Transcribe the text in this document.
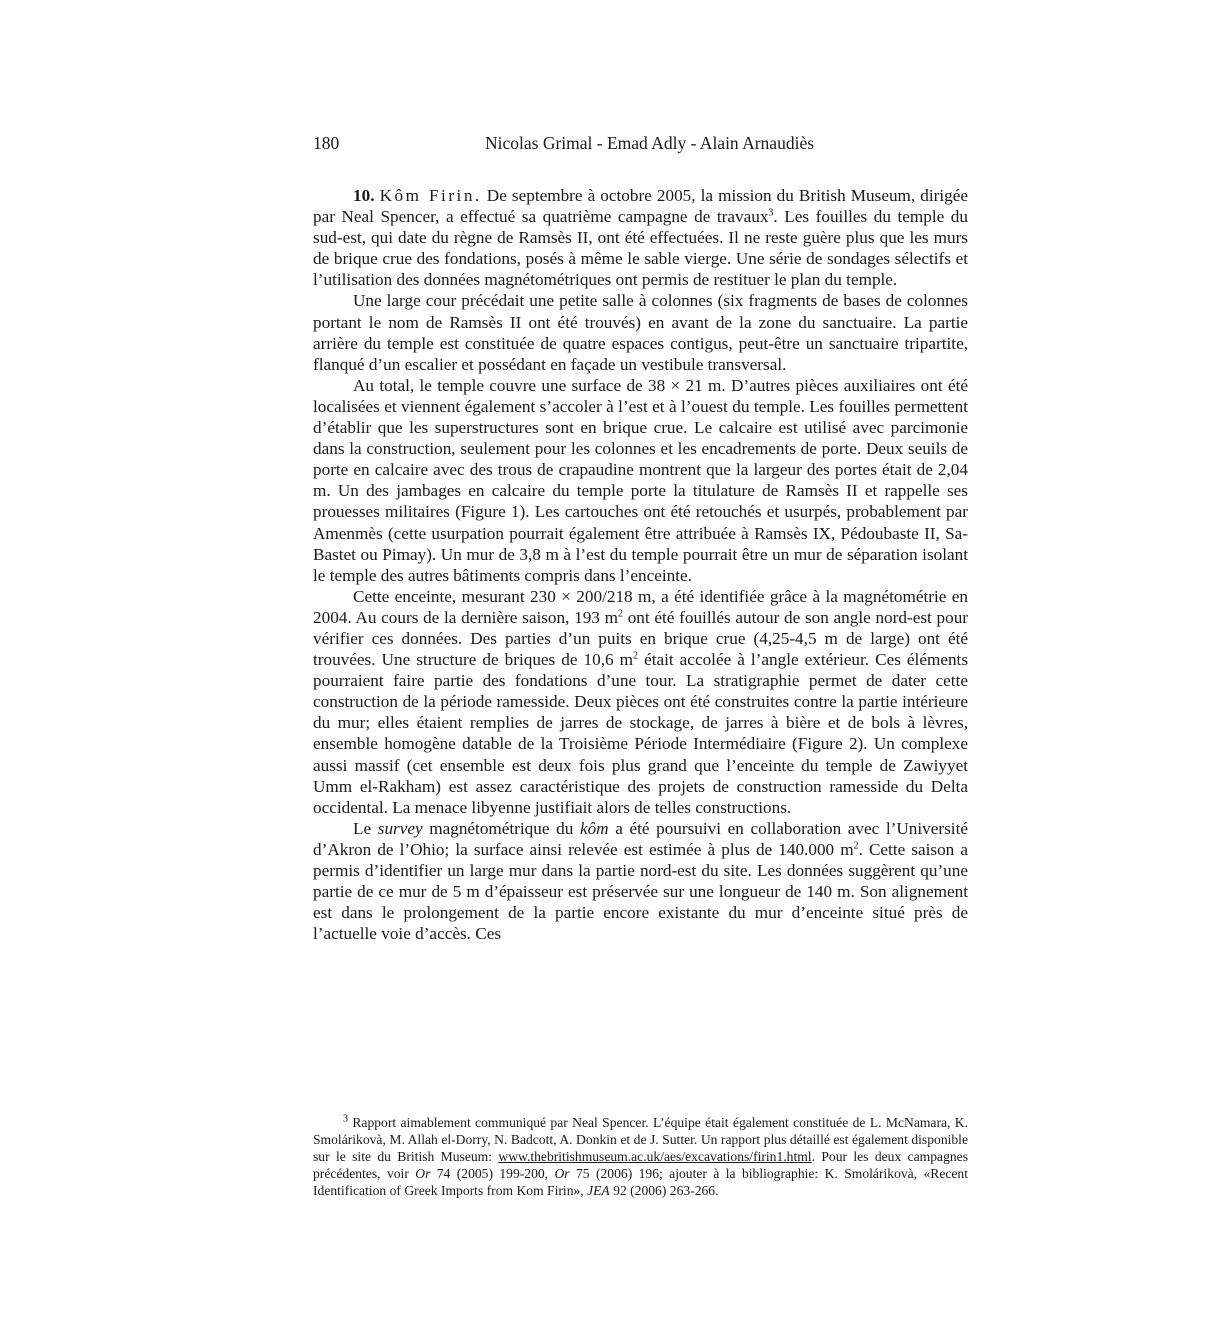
180	Nicolas Grimal - Emad Adly - Alain Arnaudiès

10. Kôm Firin. De septembre à octobre 2005, la mission du British Museum, dirigée par Neal Spencer, a effectué sa quatrième campagne de travaux$^3$. Les fouilles du temple du sud-est, qui date du règne de Ramsès II, ont été effectuées. Il ne reste guère plus que les murs de brique crue des fondations, posés à même le sable vierge. Une série de sondages sélectifs et l’utilisation des données magnétométriques ont permis de restituer le plan du temple.

Une large cour précédait une petite salle à colonnes (six fragments de bases de colonnes portant le nom de Ramsès II ont été trouvés) en avant de la zone du sanctuaire. La partie arrière du temple est constituée de quatre espaces contigus, peut-être un sanctuaire tripartite, flanqué d’un escalier et possédant en façade un vestibule transversal.

Au total, le temple couvre une surface de 38 × 21 m. D’autres pièces auxiliaires ont été localisées et viennent également s’accoler à l’est et à l’ouest du temple. Les fouilles permettent d’établir que les superstructures sont en brique crue. Le calcaire est utilisé avec parcimonie dans la construction, seulement pour les colonnes et les encadrements de porte. Deux seuils de porte en calcaire avec des trous de crapaudine montrent que la largeur des portes était de 2,04 m. Un des jambages en calcaire du temple porte la titulature de Ramsès II et rappelle ses prouesses militaires (Figure 1). Les cartouches ont été retouchés et usurpés, probablement par Amenmès (cette usurpation pourrait également être attribuée à Ramsès IX, Pédoubaste II, Sa-Bastet ou Pimay). Un mur de 3,8 m à l’est du temple pourrait être un mur de séparation isolant le temple des autres bâtiments compris dans l’enceinte.

Cette enceinte, mesurant 230 × 200/218 m, a été identifiée grâce à la magnétométrie en 2004. Au cours de la dernière saison, 193 $m^2$ ont été fouillés autour de son angle nord-est pour vérifier ces données. Des parties d’un puits en brique crue (4,25-4,5 m de large) ont été trouvées. Une structure de briques de 10,6 $m^2$ était accolée à l’angle extérieur. Ces éléments pourraient faire partie des fondations d’une tour. La stratigraphie permet de dater cette construction de la période ramesside. Deux pièces ont été construites contre la partie intérieure du mur; elles étaient remplies de jarres de stockage, de jarres à bière et de bols à lèvres, ensemble homogène datable de la Troisième Période Intermédiaire (Figure 2). Un complexe aussi massif (cet ensemble est deux fois plus grand que l’enceinte du temple de Zawiyyet Umm el-Rakham) est assez caractéristique des projets de construction ramesside du Delta occidental. La menace libyenne justifiait alors de telles constructions.

Le survey magnétométrique du kôm a été poursuivi en collaboration avec l’Université d’Akron de l’Ohio; la surface ainsi relevée est estimée à plus de 140.000 $m^2$. Cette saison a permis d’identifier un large mur dans la partie nord-est du site. Les données suggèrent qu’une partie de ce mur de 5 m d’épaisseur est préservée sur une longueur de 140 m. Son alignement est dans le prolongement de la partie encore existante du mur d’enceinte situé près de l’actuelle voie d’accès. Ces

$^3$ Rapport aimablement communiqué par Neal Spencer. L’équipe était également constituée de L. McNamara, K. Smolárikovà, M. Allah el-Dorry, N. Badcott, A. Donkin et de J. Sutter. Un rapport plus détaillé est également disponible sur le site du British Museum: www.thebritishmuseum.ac.uk/aes/excavations/firin1.html. Pour les deux campagnes précédentes, voir Or 74 (2005) 199-200, Or 75 (2006) 196; ajouter à la bibliographie: K. Smolárikovà, «Recent Identification of Greek Imports from Kom Firin», JEA 92 (2006) 263-266.
